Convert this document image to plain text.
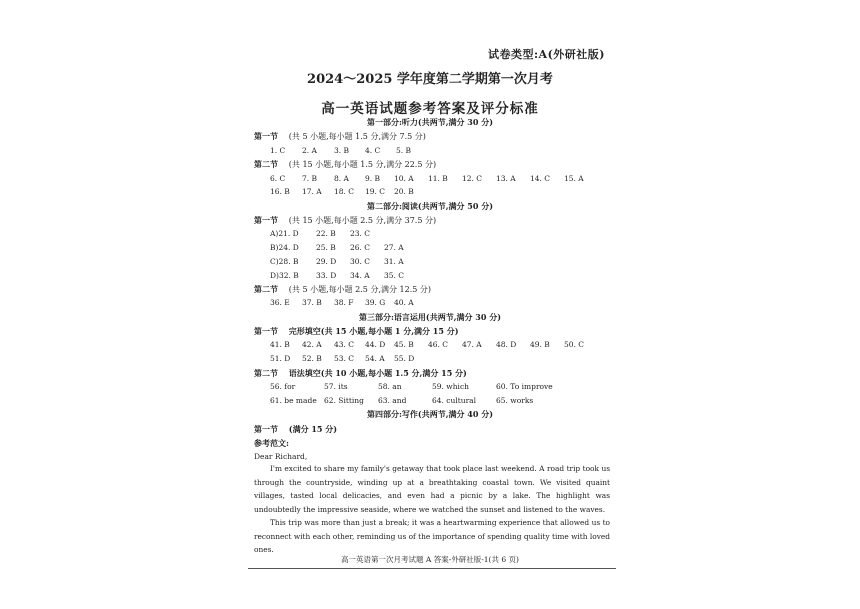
试卷类型:A(外研社版)
2024～2025 学年度第二学期第一次月考
高一英语试题参考答案及评分标准
第一部分:听力(共两节,满分 30 分)
第一节 (共 5 小题,每小题 1.5 分,满分 7.5 分)
1. C 2. A 3. B 4. C 5. B
第二节 (共 15 小题,每小题 1.5 分,满分 22.5 分)
6. C 7. B 8. A 9. B 10. A 11. B 12. C 13. A 14. C 15. A
16. B 17. A 18. C 19. C 20. B
第二部分:阅读(共两节,满分 50 分)
第一节 (共 15 小题,每小题 2.5 分,满分 37.5 分)
A)21. D 22. B 23. C
B)24. D 25. B 26. C 27. A
C)28. B 29. D 30. C 31. A
D)32. B 33. D 34. A 35. C
第二节 (共 5 小题,每小题 2.5 分,满分 12.5 分)
36. E 37. B 38. F 39. G 40. A
第三部分:语言运用(共两节,满分 30 分)
第一节 完形填空(共 15 小题,每小题 1 分,满分 15 分)
41. B 42. A 43. C 44. D 45. B 46. C 47. A 48. D 49. B 50. C
51. D 52. B 53. C 54. A 55. D
第二节 语法填空(共 10 小题,每小题 1.5 分,满分 15 分)
56. for	57. its	58. an	59. which	60. To improve
61. be made 62. Sitting 63. and	64. cultural	65. works
第四部分:写作(共两节,满分 40 分)
第一节 (满分 15 分)
参考范文:
Dear Richard,
I'm excited to share my family's getaway that took place last weekend. A road trip took us through the countryside, winding up at a breathtaking coastal town. We visited quaint villages, tasted local delicacies, and even had a picnic by a lake. The highlight was undoubtedly the impressive seaside, where we watched the sunset and listened to the waves.
This trip was more than just a break; it was a heartwarming experience that allowed us to reconnect with each other, reminding us of the importance of spending quality time with loved ones.
高一英语第一次月考试题 A 答案-外研社版-1(共 6 页)
